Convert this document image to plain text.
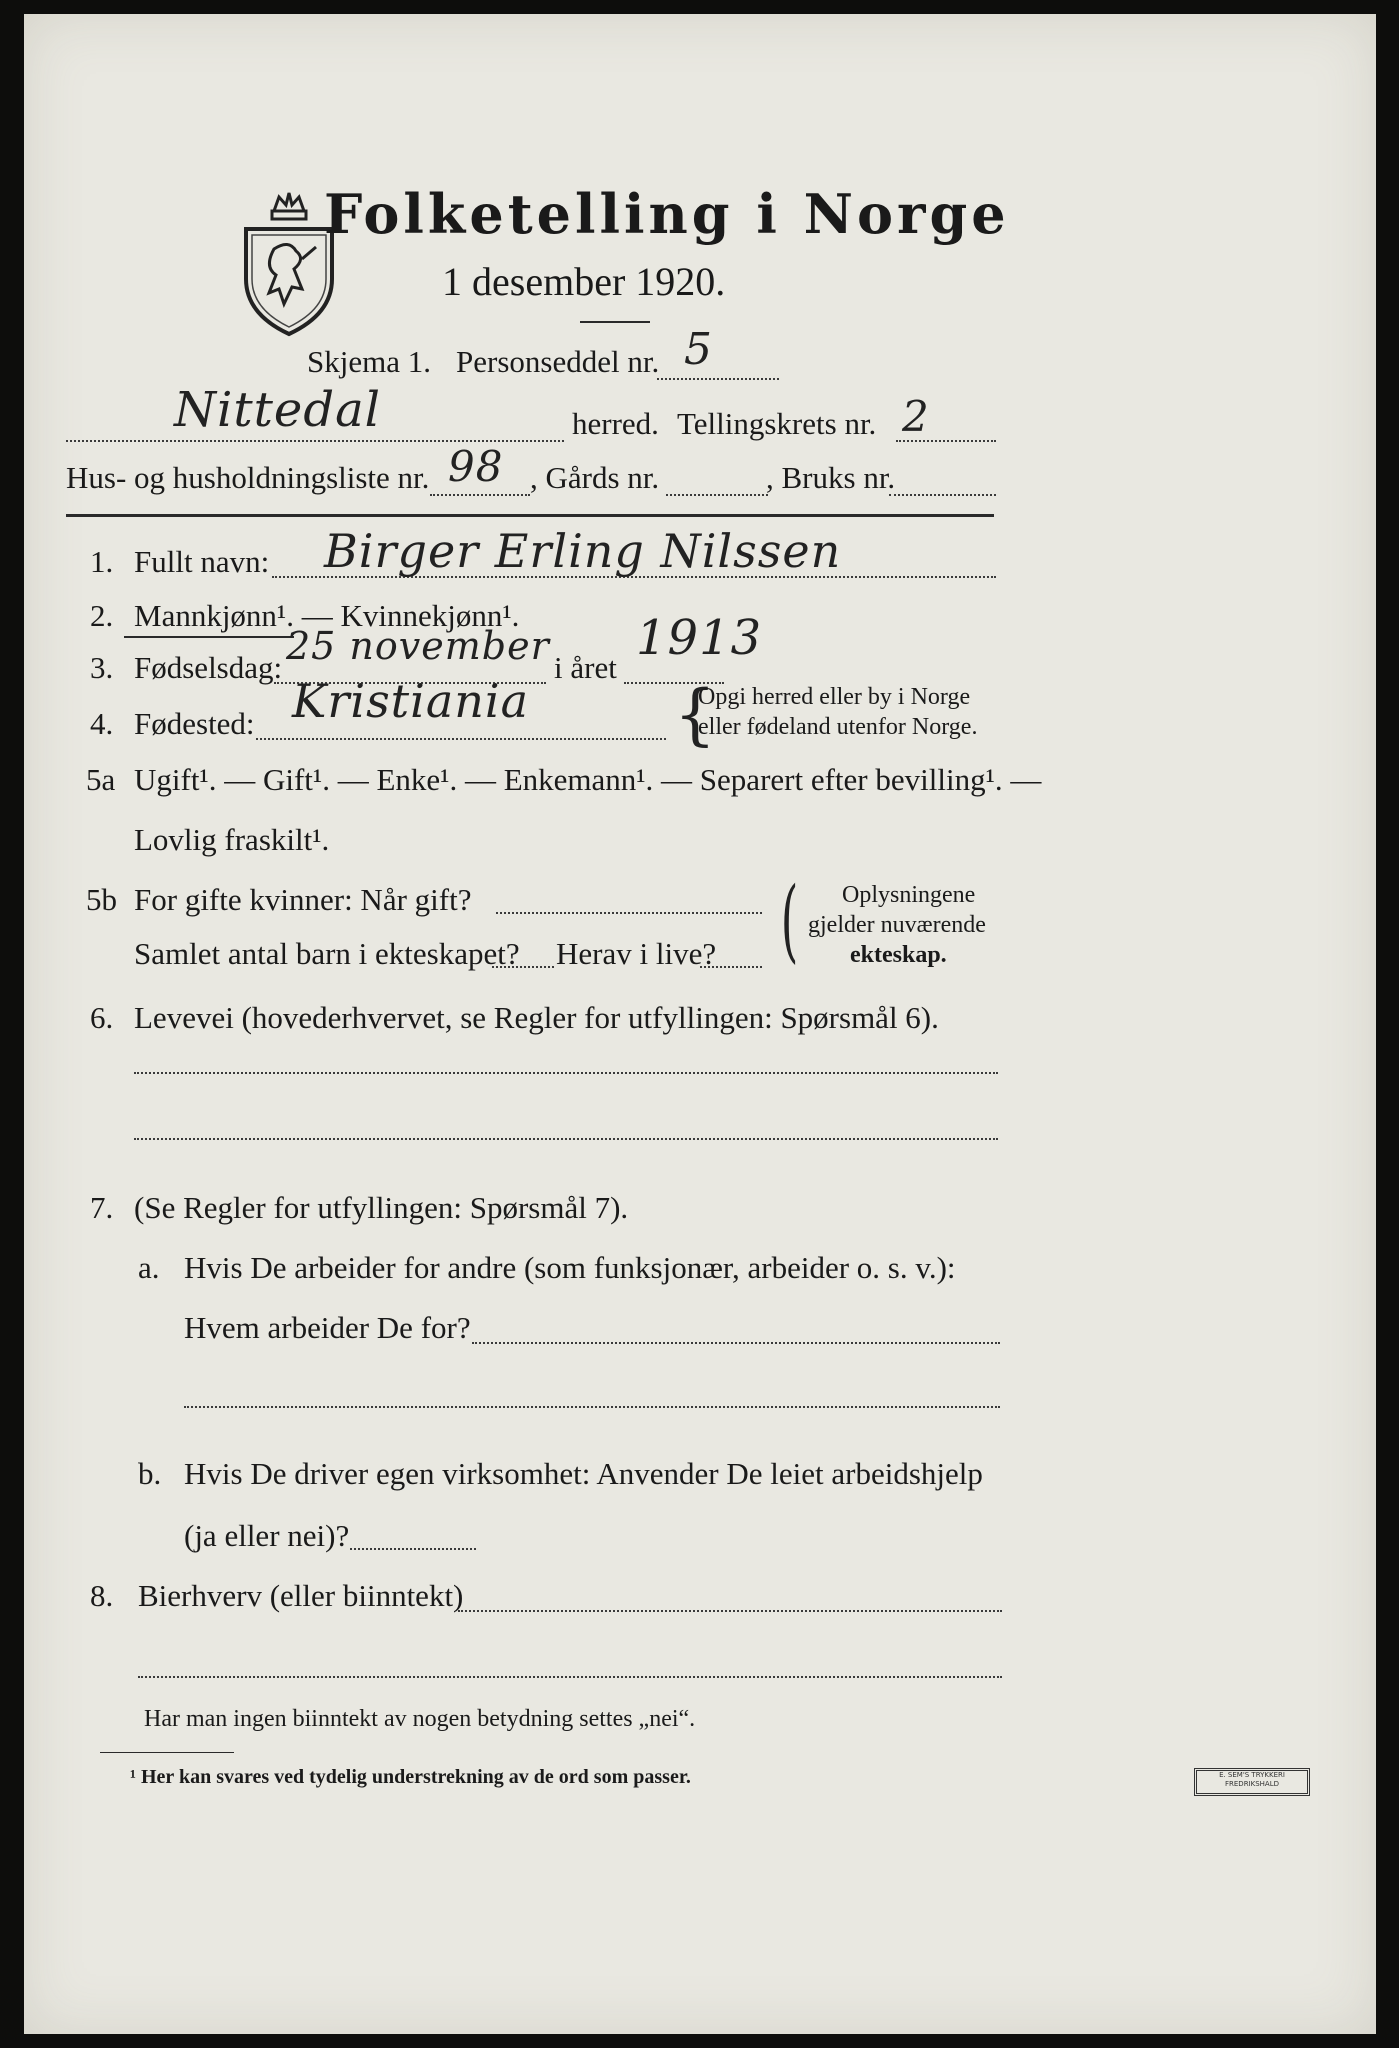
Folketelling i Norge
1 desember 1920.
Skjema 1. Personseddel nr. 5
Nittedal	herred. Tellingskrets nr. 2
Hus- og husholdningsliste nr. 98 , Gårds nr.	, Bruks nr.
1. Fullt navn: Birger Erling Nilssen
2. Mannkjønn¹. — Kvinnekjønn¹.
3. Fødselsdag: 25 november i året
1913
4. Fødested: Kristiania {
Opgi herred eller by i Norge
eller fødeland utenfor Norge.
5a Ugift¹. — Gift¹. — Enke¹. — Enkemann¹. — Separert efter bevilling¹. —
Lovlig fraskilt¹.
5b For gifte kvinner: Når gift?
Samlet antal barn i ekteskapet? Herav i live? ( Oplysningene
gjelder nuværende
ekteskap.
6. Levevei (hovederhvervet, se Regler for utfyllingen: Spørsmål 6).
7. (Se Regler for utfyllingen: Spørsmål 7).
a. Hvis De arbeider for andre (som funksjonær, arbeider o. s. v.):
Hvem arbeider De for?
b. Hvis De driver egen virksomhet: Anvender De leiet arbeidshjelp
(ja eller nei)?
8. Bierhverv (eller biinntekt)
Har man ingen biinntekt av nogen betydning settes „nei“.
¹ Her kan svares ved tydelig understrekning av de ord som passer.	E. SEM'S TRYKKERI FREDRIKSHALD
